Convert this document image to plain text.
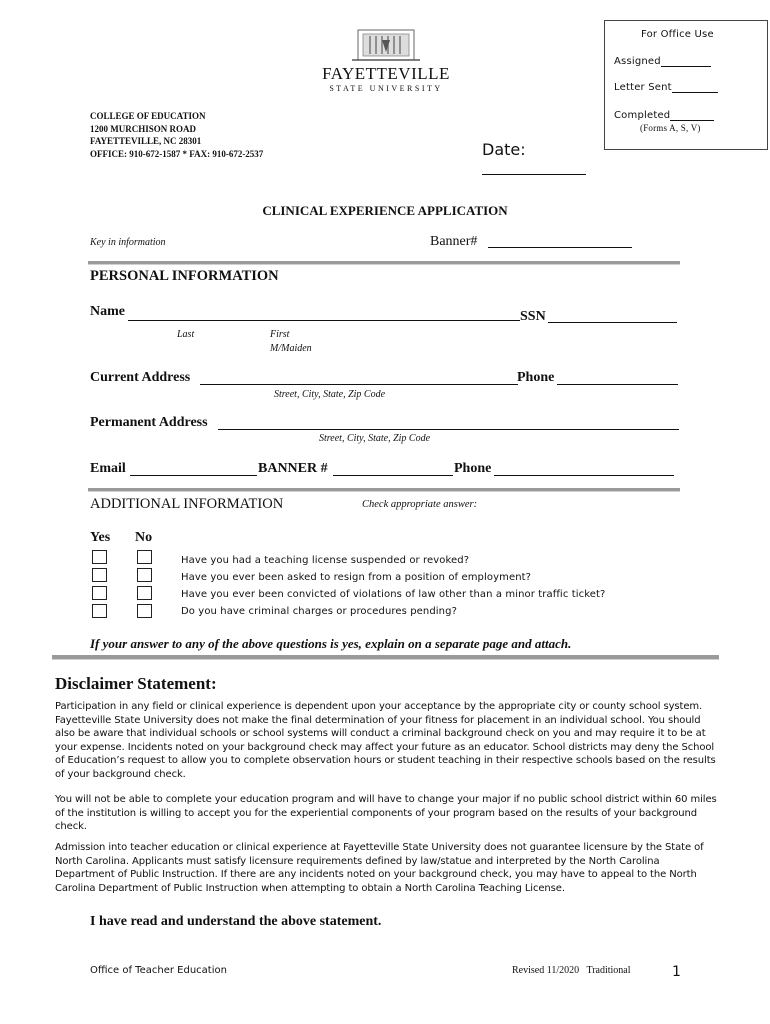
For Office Use
Assigned
Letter Sent
Completed
(Forms A, S, V)
FAYETTEVILLE
STATE UNIVERSITY
COLLEGE OF EDUCATION
1200 MURCHISON ROAD
FAYETTEVILLE, NC 28301
OFFICE: 910-672-1587 * FAX: 910-672-2537	Date:
CLINICAL EXPERIENCE APPLICATION
Key in information	Banner#
PERSONAL INFORMATION
Name	SSN
Last	First
M/Maiden
Current Address	Phone
Street, City, State, Zip Code
Permanent Address
Street, City, State, Zip Code
Email	BANNER #	Phone
ADDITIONAL INFORMATION	Check appropriate answer:
Yes No
Have you had a teaching license suspended or revoked?
Have you ever been asked to resign from a position of employment?
Have you ever been convicted of violations of law other than a minor traffic ticket?
Do you have criminal charges or procedures pending?
If your answer to any of the above questions is yes, explain on a separate page and attach.
Disclaimer Statement:
Participation in any field or clinical experience is dependent upon your acceptance by the appropriate city or county school system. Fayetteville State University does not make the final determination of your fitness for placement in an individual school. You should also be aware that individual schools or school systems will conduct a criminal background check on you and may require it to be at your expense. Incidents noted on your background check may affect your future as an educator. School districts may deny the School of Education’s request to allow you to complete observation hours or student teaching in their respective schools based on the results of your background check.
You will not be able to complete your education program and will have to change your major if no public school district within 60 miles of the institution is willing to accept you for the experiential components of your program based on the results of your background check.
Admission into teacher education or clinical experience at Fayetteville State University does not guarantee licensure by the State of North Carolina. Applicants must satisfy licensure requirements defined by law/statue and interpreted by the North Carolina Department of Public Instruction. If there are any incidents noted on your background check, you may have to appeal to the North Carolina Department of Public Instruction when attempting to obtain a North Carolina Teaching License.
I have read and understand the above statement.
Office of Teacher Education	Revised 11/2020   Traditional	1
